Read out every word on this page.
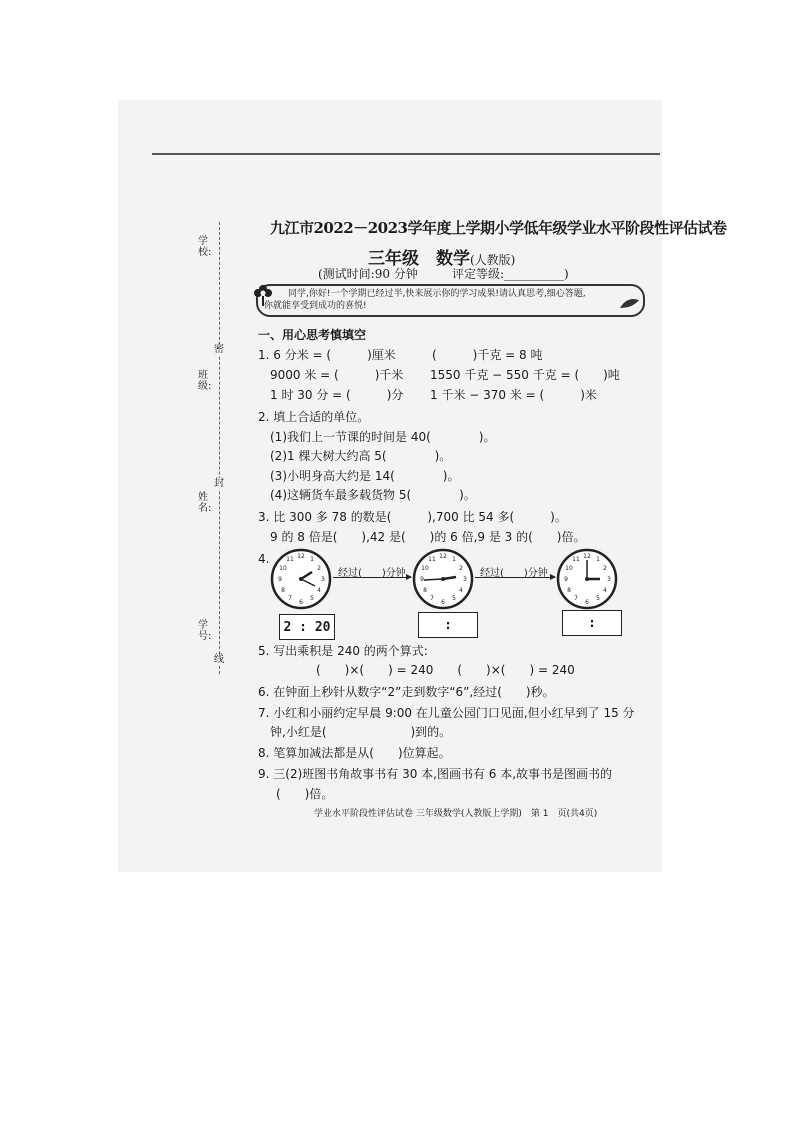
学校:
班级:
姓名:
学号:
密
封
线
九江市2022－2023学年度上学期小学低年级学业水平阶段性评估试卷
三年级　数学(人教版)
(测试时间:90 分钟	评定等级:__________)
同学,你好!一个学期已经过半,快来展示你的学习成果!请认真思考,细心答题,
你就能享受到成功的喜悦!
一、用心思考慎填空
1. 6 分米 = (　　　)厘米	(　　　)千克 = 8 吨
9000 米 = (　　　)千米 1550 千克 − 550 千克 = (　　)吨
1 时 30 分 = (　　　)分 1 千米 − 370 米 = (　　　)米
2. 填上合适的单位。
(1)我们上一节课的时间是 40(　　　　)。
(2)1 棵大树大约高 5(　　　　)。
(3)小明身高大约是 14(　　　　)。
(4)这辆货车最多载货物 5(　　　　)。
3. 比 300 多 78 的数是(　　　),700 比 54 多(　　　)。
9 的 8 倍是(　　),42 是(　　)的 6 倍,9 是 3 的(　　)倍。
4.	12 1
2
3
4
5
6
7
8
9
10
11
经过(　　)分钟
12 1
2
3
4
5
6
7
8
9
10
11
经过(　　)分钟
12 1
2
3
4
5
6
7
8
9
10
11
2 : 20	:	:
5. 写出乘积是 240 的两个算式:
(　　)×(　　) = 240　　(　　)×(　　) = 240
6. 在钟面上秒针从数字“2”走到数字“6”,经过(　　)秒。
7. 小红和小丽约定早晨 9:00 在儿童公园门口见面,但小红早到了 15 分
钟,小红是(　　　　　　　)到的。
8. 笔算加减法都是从(　　)位算起。
9. 三(2)班图书角故事书有 30 本,图画书有 6 本,故事书是图画书的
(　　)倍。
学业水平阶段性评估试卷 三年级数学(人教版上学期)　第 1　页(共4页)
